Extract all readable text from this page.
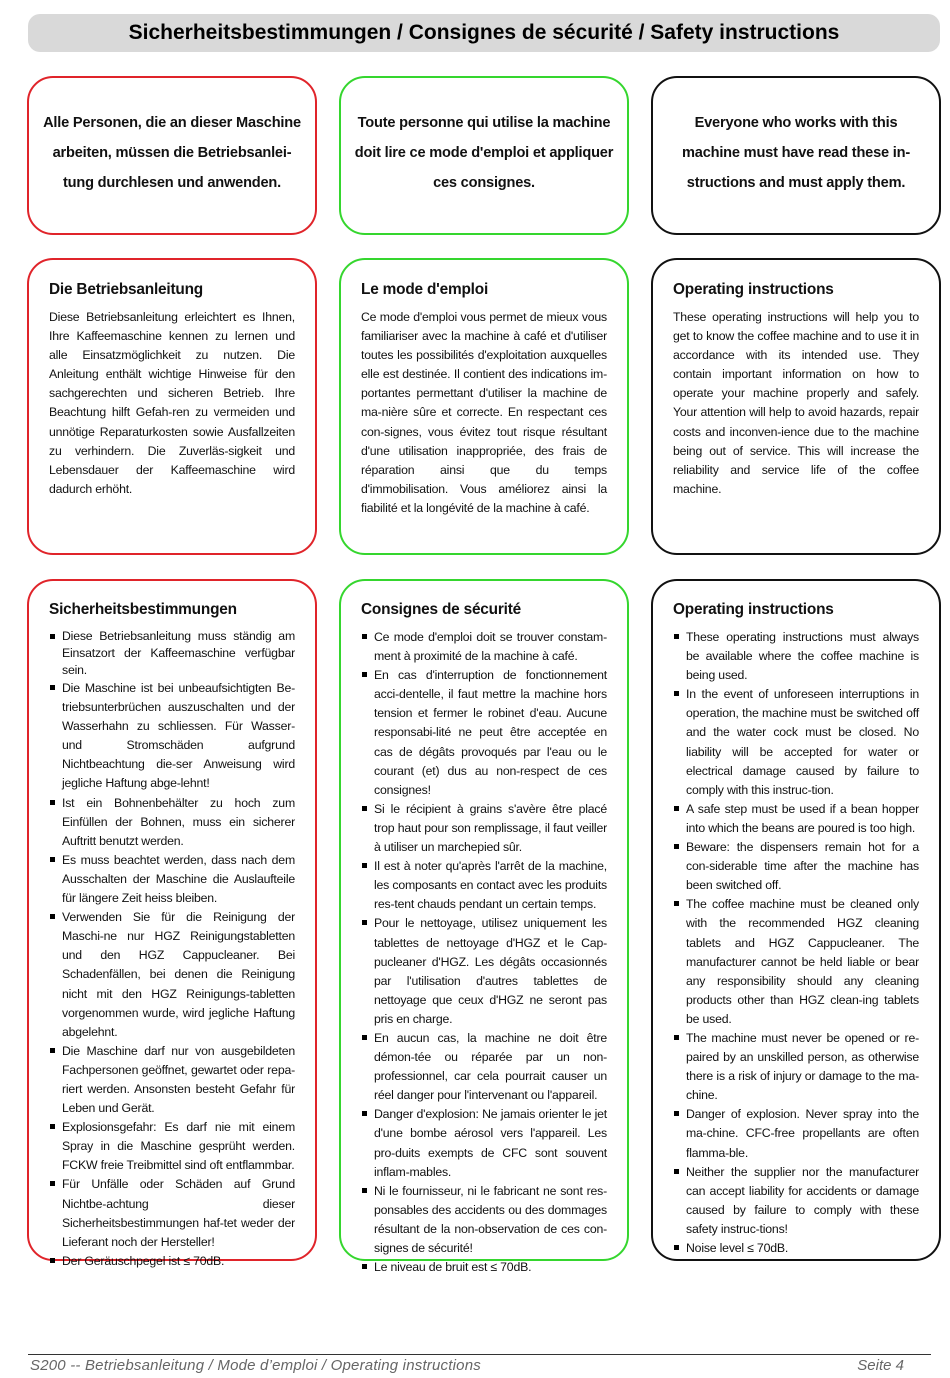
Sicherheitsbestimmungen / Consignes de sécurité / Safety instructions
Alle Personen, die an dieser Maschine arbeiten, müssen die Betriebsanlei-tung durchlesen und anwenden.
Toute personne qui utilise la machine doit lire ce mode d'emploi et appliquer ces consignes.
Everyone who works with this machine must have read these in-structions and must apply them.
Die Betriebsanleitung
Diese Betriebsanleitung erleichtert es Ihnen, Ihre Kaffeemaschine kennen zu lernen und alle Einsatzmöglichkeit zu nutzen. Die Anleitung enthält wichtige Hinweise für den sachgerechten und sicheren Betrieb. Ihre Beachtung hilft Gefah-ren zu vermeiden und unnötige Reparaturkosten sowie Ausfallzeiten zu verhindern. Die Zuverläs-sigkeit und Lebensdauer der Kaffeemaschine wird dadurch erhöht.
Le mode d'emploi
Ce mode d'emploi vous permet de mieux vous familiariser avec la machine à café et d'utiliser toutes les possibilités d'exploitation auxquelles elle est destinée. Il contient des indications im-portantes permettant d'utiliser la machine de ma-nière sûre et correcte. En respectant ces con-signes, vous évitez tout risque résultant d'une utilisation inappropriée, des frais de réparation ainsi que du temps d'immobilisation. Vous améliorez ainsi la fiabilité et la longévité de la machine à café.
Operating instructions
These operating instructions will help you to get to know the coffee machine and to use it in accordance with its intended use. They contain important information on how to operate your machine properly and safely. Your attention will help to avoid hazards, repair costs and inconven-ience due to the machine being out of service. This will increase the reliability and service life of the coffee machine.
Sicherheitsbestimmungen
Diese Betriebsanleitung muss ständig am Einsatzort der Kaffeemaschine verfügbar sein.
Die Maschine ist bei unbeaufsichtigten Be-triebsunterbrüchen auszuschalten und der Wasserhahn zu schliessen. Für Wasser- und Stromschäden aufgrund Nichtbeachtung die-ser Anweisung wird jegliche Haftung abge-lehnt!
Ist ein Bohnenbehälter zu hoch zum Einfüllen der Bohnen, muss ein sicherer Auftritt benutzt werden.
Es muss beachtet werden, dass nach dem Ausschalten der Maschine die Auslaufteile für längere Zeit heiss bleiben.
Verwenden Sie für die Reinigung der Maschi-ne nur HGZ Reinigungstabletten und den HGZ Cappucleaner. Bei Schadenfällen, bei denen die Reinigung nicht mit den HGZ Reinigungs-tabletten vorgenommen wurde, wird jegliche Haftung abgelehnt.
Die Maschine darf nur von ausgebildeten Fachpersonen geöffnet, gewartet oder repa-riert werden. Ansonsten besteht Gefahr für Leben und Gerät.
Explosionsgefahr: Es darf nie mit einem Spray in die Maschine gesprüht werden. FCKW freie Treibmittel sind oft entflammbar.
Für Unfälle oder Schäden auf Grund Nichtbe-achtung dieser Sicherheitsbestimmungen haf-tet weder der Lieferant noch der Hersteller!
Der Geräuschpegel ist ≤ 70dB.
Consignes de sécurité
Ce mode d'emploi doit se trouver constam-ment à proximité de la machine à café.
En cas d'interruption de fonctionnement acci-dentelle, il faut mettre la machine hors tension et fermer le robinet d'eau. Aucune responsabi-lité ne peut être acceptée en cas de dégâts provoqués par l'eau ou le courant (et) dus au non-respect de ces consignes!
Si le récipient à grains s'avère être placé trop haut pour son remplissage, il faut veiller à utiliser un marchepied sûr.
Il est à noter qu'après l'arrêt de la machine, les composants en contact avec les produits res-tent chauds pendant un certain temps.
Pour le nettoyage, utilisez uniquement les tablettes de nettoyage d'HGZ et le Cap-pucleaner d'HGZ. Les dégâts occasionnés par l'utilisation d'autres tablettes de nettoyage que ceux d'HGZ ne seront pas pris en charge.
En aucun cas, la machine ne doit être démon-tée ou réparée par un non-professionnel, car cela pourrait causer un réel danger pour l'intervenant ou l'appareil.
Danger d'explosion: Ne jamais orienter le jet d'une bombe aérosol vers l'appareil. Les pro-duits exempts de CFC sont souvent inflam-mables.
Ni le fournisseur, ni le fabricant ne sont res-ponsables des accidents ou des dommages résultant de la non-observation de ces con-signes de sécurité!
Le niveau de bruit est ≤ 70dB.
Operating instructions
These operating instructions must always be available where the coffee machine is being used.
In the event of unforeseen interruptions in operation, the machine must be switched off and the water cock must be closed. No liability will be accepted for water or electrical damage caused by failure to comply with this instruc-tion.
A safe step must be used if a bean hopper into which the beans are poured is too high.
Beware: the dispensers remain hot for a con-siderable time after the machine has been switched off.
The coffee machine must be cleaned only with the recommended HGZ cleaning tablets and HGZ Cappucleaner. The manufacturer cannot be held liable or bear any responsibility should any cleaning products other than HGZ clean-ing tablets be used.
The machine must never be opened or re-paired by an unskilled person, as otherwise there is a risk of injury or damage to the ma-chine.
Danger of explosion. Never spray into the ma-chine. CFC-free propellants are often flamma-ble.
Neither the supplier nor the manufacturer can accept liability for accidents or damage caused by failure to comply with these safety instruc-tions!
Noise level ≤ 70dB.
S200 -- Betriebsanleitung / Mode d’emploi / Operating instructions	Seite 4
